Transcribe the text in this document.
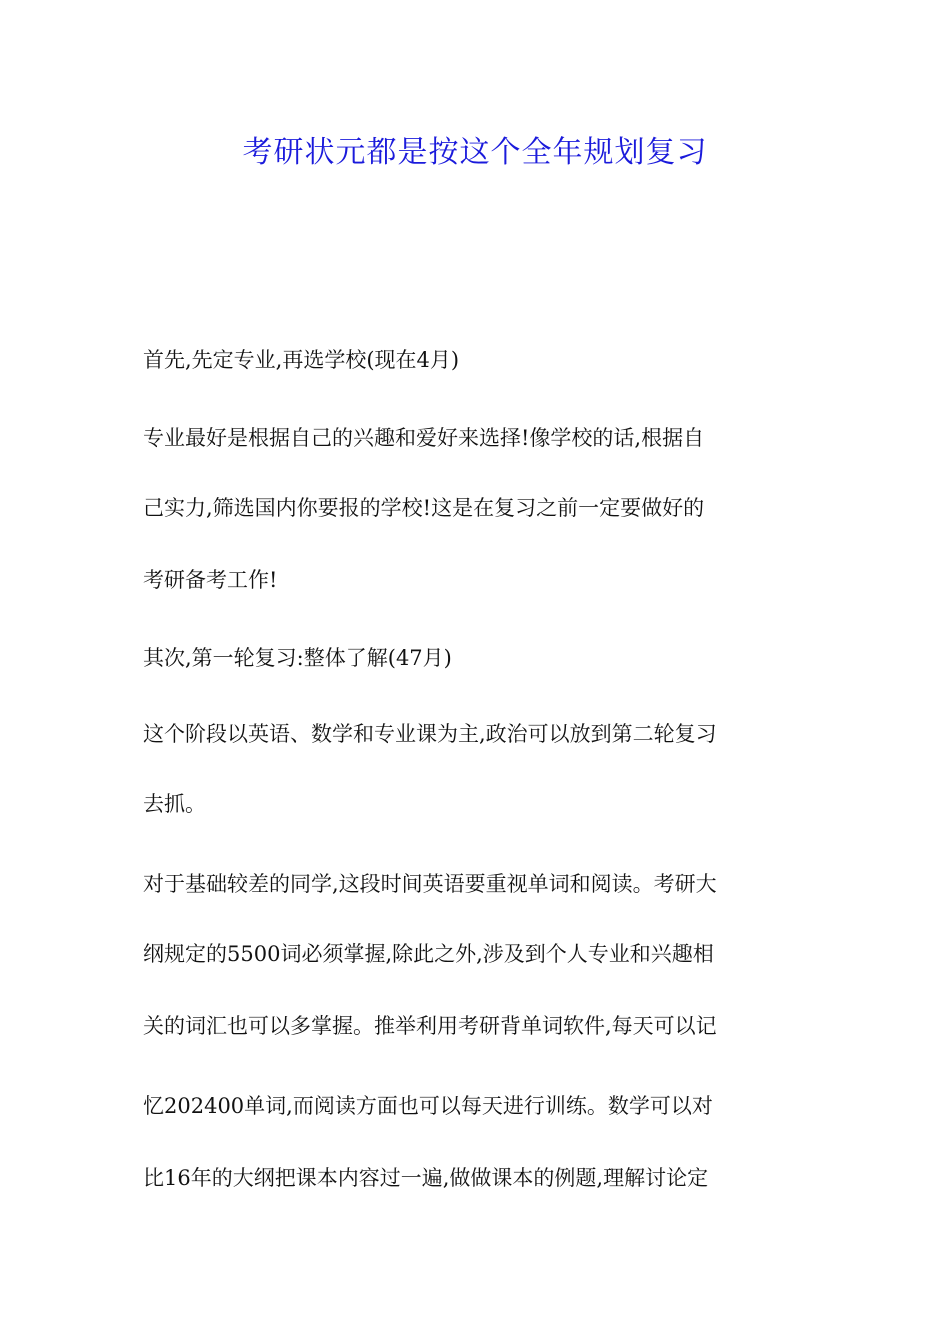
考研状元都是按这个全年规划复习
首先,先定专业,再选学校(现在4月)
专业最好是根据自己的兴趣和爱好来选择!像学校的话,根据自
己实力,筛选国内你要报的学校!这是在复习之前一定要做好的
考研备考工作!
其次,第一轮复习:整体了解(47月)
这个阶段以英语、数学和专业课为主,政治可以放到第二轮复习
去抓。
对于基础较差的同学,这段时间英语要重视单词和阅读。考研大
纲规定的5500词必须掌握,除此之外,涉及到个人专业和兴趣相
关的词汇也可以多掌握。推举利用考研背单词软件,每天可以记
忆202400单词,而阅读方面也可以每天进行训练。数学可以对
比16年的大纲把课本内容过一遍,做做课本的例题,理解讨论定
